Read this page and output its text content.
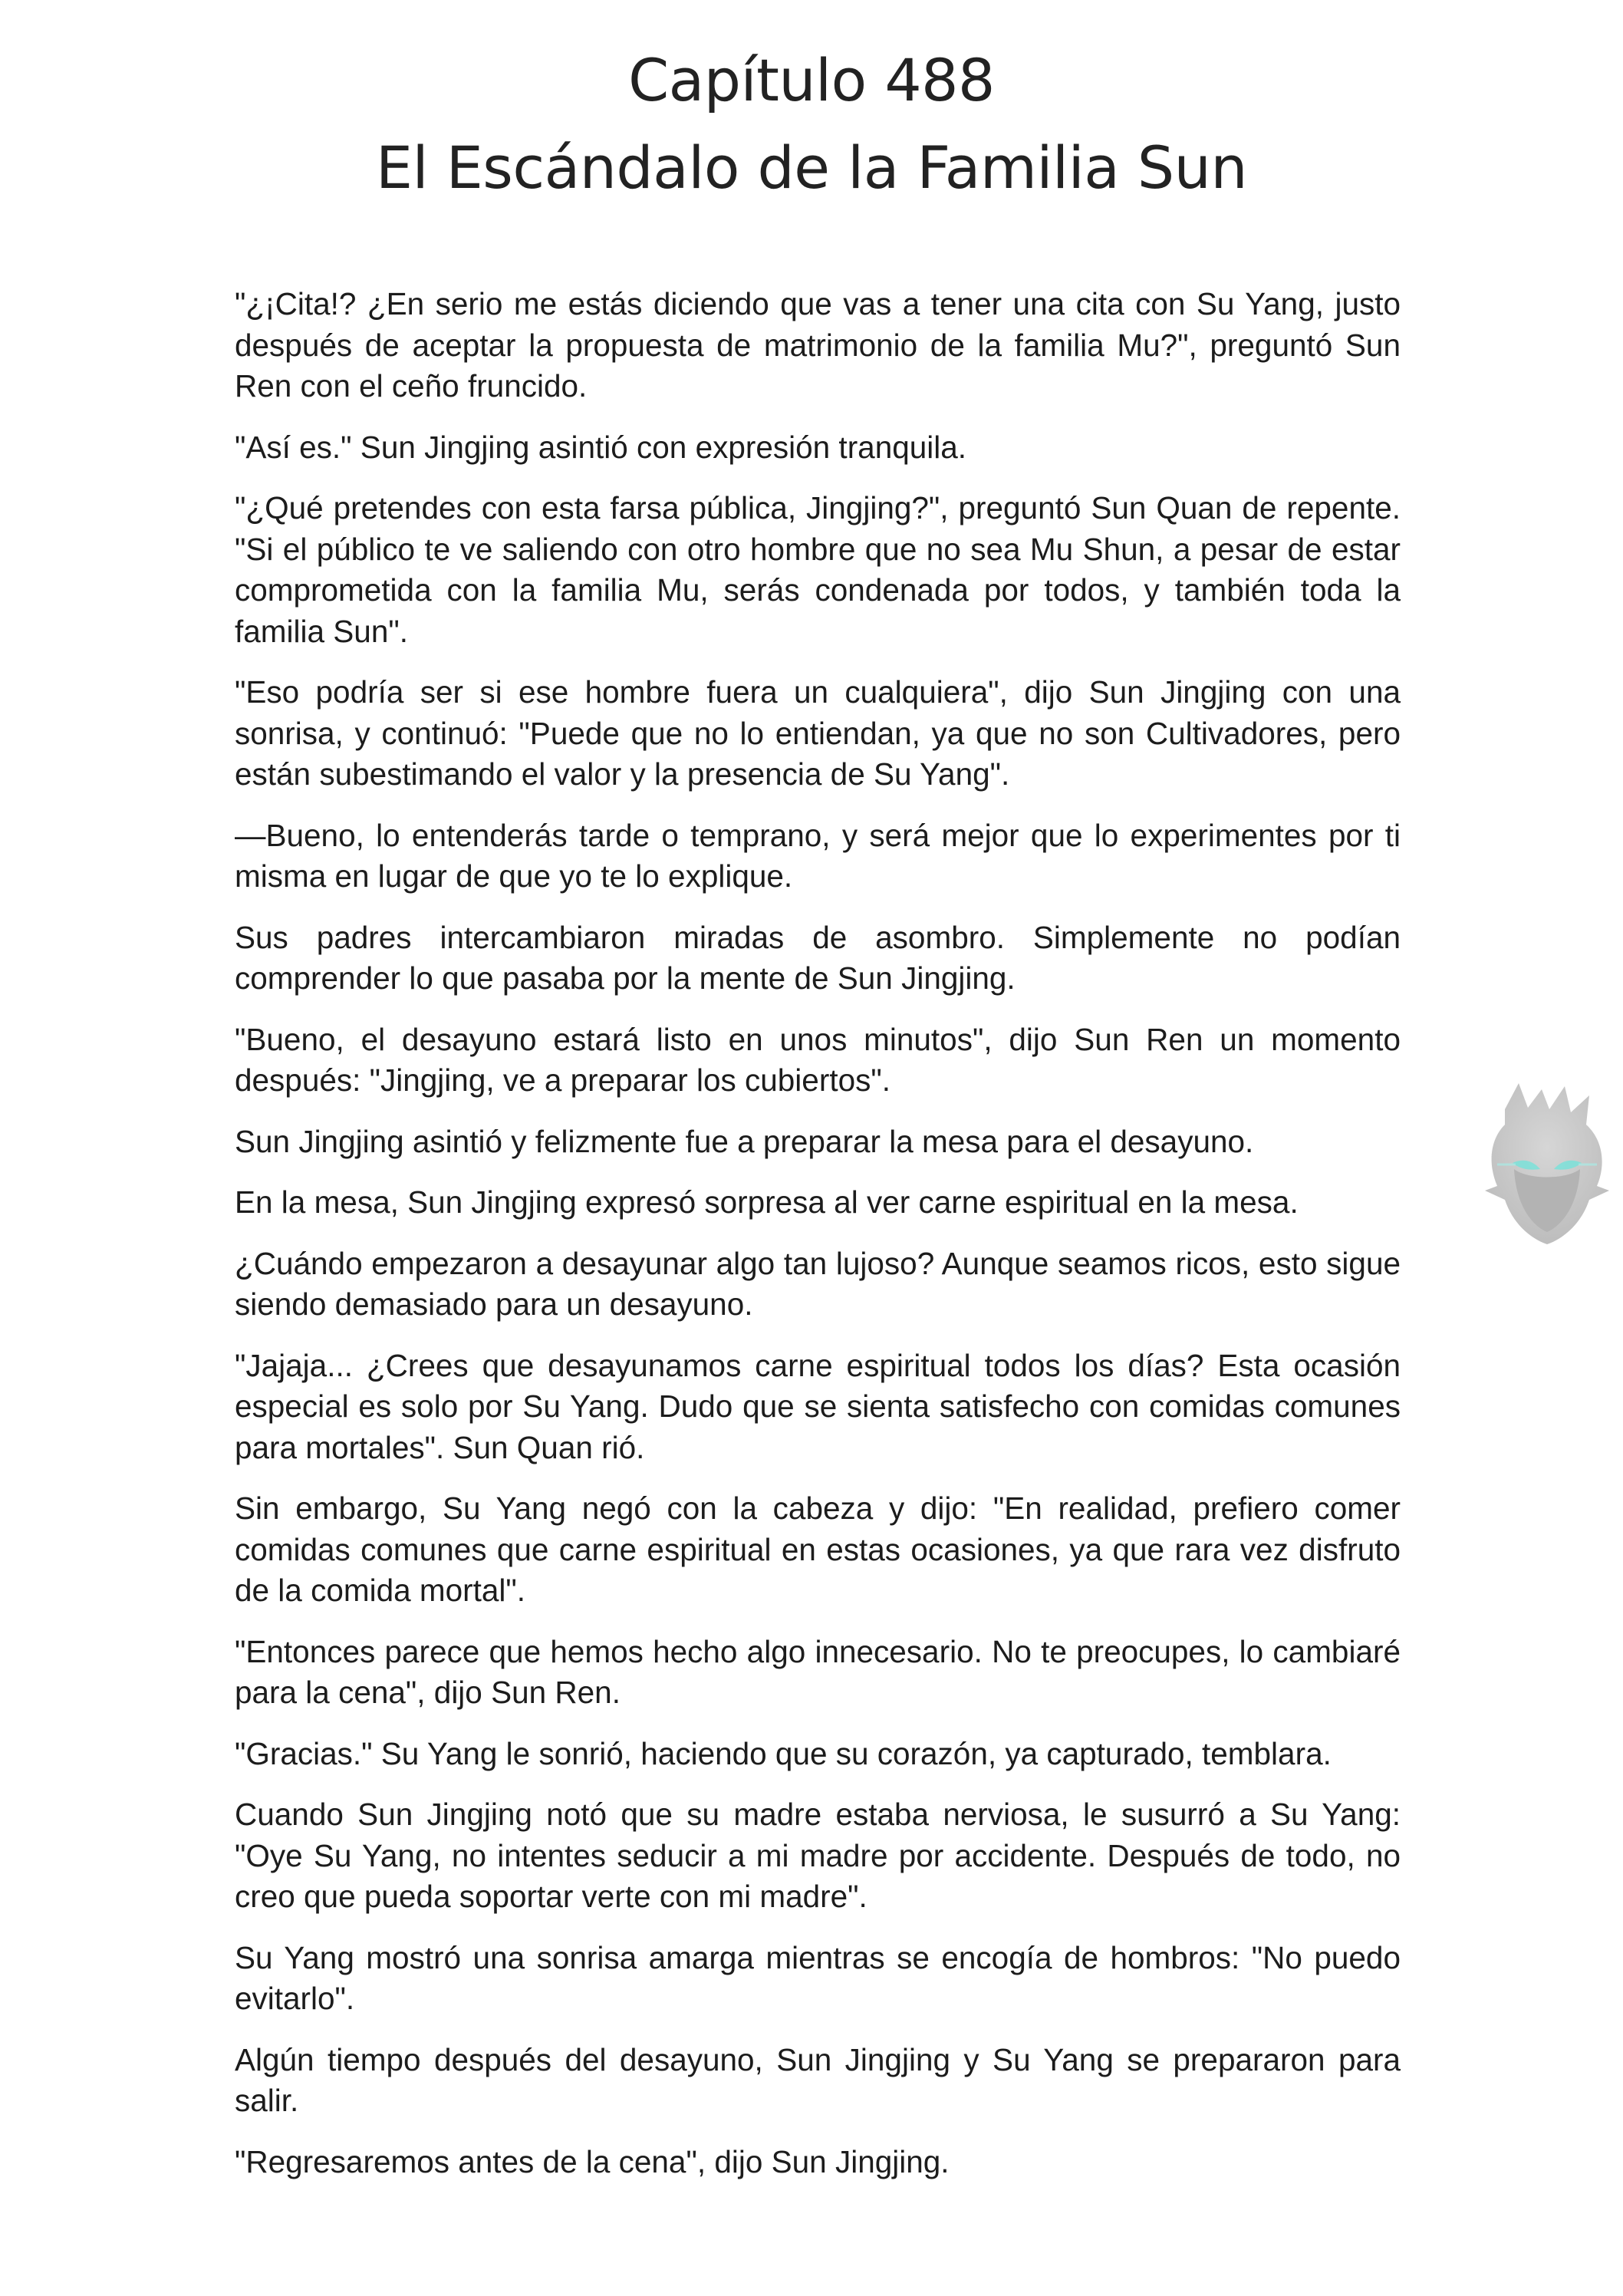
Capítulo 488
El Escándalo de la Familia Sun

"¿¡Cita!? ¿En serio me estás diciendo que vas a tener una cita con Su Yang, justo después de aceptar la propuesta de matrimonio de la familia Mu?", preguntó Sun Ren con el ceño fruncido.

"Así es." Sun Jingjing asintió con expresión tranquila.

"¿Qué pretendes con esta farsa pública, Jingjing?", preguntó Sun Quan de repente. "Si el público te ve saliendo con otro hombre que no sea Mu Shun, a pesar de estar comprometida con la familia Mu, serás condenada por todos, y también toda la familia Sun".

"Eso podría ser si ese hombre fuera un cualquiera", dijo Sun Jingjing con una sonrisa, y continuó: "Puede que no lo entiendan, ya que no son Cultivadores, pero están subestimando el valor y la presencia de Su Yang".

—Bueno, lo entenderás tarde o temprano, y será mejor que lo experimentes por ti misma en lugar de que yo te lo explique.

Sus padres intercambiaron miradas de asombro. Simplemente no podían comprender lo que pasaba por la mente de Sun Jingjing.

"Bueno, el desayuno estará listo en unos minutos", dijo Sun Ren un momento después: "Jingjing, ve a preparar los cubiertos".

Sun Jingjing asintió y felizmente fue a preparar la mesa para el desayuno.

En la mesa, Sun Jingjing expresó sorpresa al ver carne espiritual en la mesa.

¿Cuándo empezaron a desayunar algo tan lujoso? Aunque seamos ricos, esto sigue siendo demasiado para un desayuno.

"Jajaja... ¿Crees que desayunamos carne espiritual todos los días? Esta ocasión especial es solo por Su Yang. Dudo que se sienta satisfecho con comidas comunes para mortales". Sun Quan rió.

Sin embargo, Su Yang negó con la cabeza y dijo: "En realidad, prefiero comer comidas comunes que carne espiritual en estas ocasiones, ya que rara vez disfruto de la comida mortal".

"Entonces parece que hemos hecho algo innecesario. No te preocupes, lo cambiaré para la cena", dijo Sun Ren.

"Gracias." Su Yang le sonrió, haciendo que su corazón, ya capturado, temblara.

Cuando Sun Jingjing notó que su madre estaba nerviosa, le susurró a Su Yang: "Oye Su Yang, no intentes seducir a mi madre por accidente. Después de todo, no creo que pueda soportar verte con mi madre".

Su Yang mostró una sonrisa amarga mientras se encogía de hombros: "No puedo evitarlo".

Algún tiempo después del desayuno, Sun Jingjing y Su Yang se prepararon para salir.

"Regresaremos antes de la cena", dijo Sun Jingjing.
